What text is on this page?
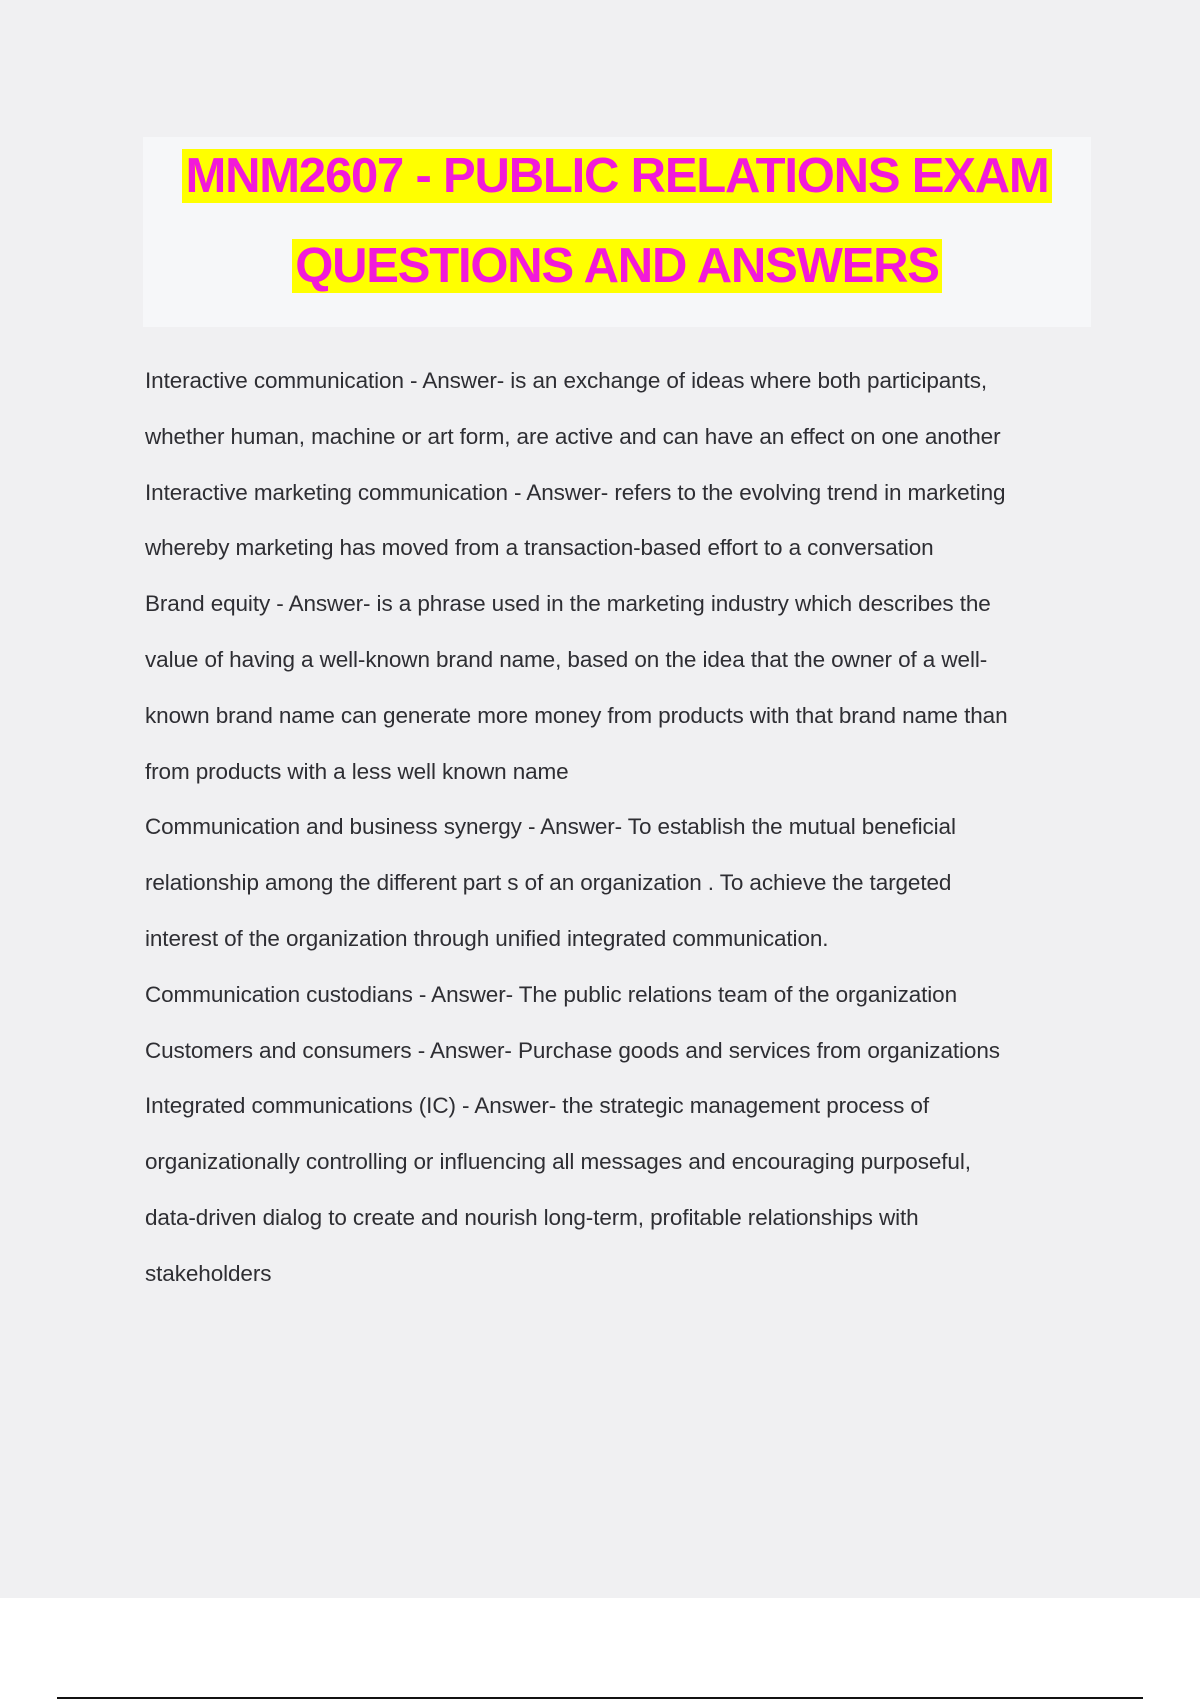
MNM2607 - PUBLIC RELATIONS EXAM
QUESTIONS AND ANSWERS
Interactive communication - Answer- is an exchange of ideas where both participants,
whether human, machine or art form, are active and can have an effect on one another
Interactive marketing communication - Answer- refers to the evolving trend in marketing
whereby marketing has moved from a transaction-based effort to a conversation
Brand equity - Answer- is a phrase used in the marketing industry which describes the
value of having a well-known brand name, based on the idea that the owner of a well-
known brand name can generate more money from products with that brand name than
from products with a less well known name
Communication and business synergy - Answer- To establish the mutual beneficial
relationship among the different part s of an organization . To achieve the targeted
interest of the organization through unified integrated communication.
Communication custodians - Answer- The public relations team of the organization
Customers and consumers - Answer- Purchase goods and services from organizations
Integrated communications (IC) - Answer- the strategic management process of
organizationally controlling or influencing all messages and encouraging purposeful,
data-driven dialog to create and nourish long-term, profitable relationships with
stakeholders
